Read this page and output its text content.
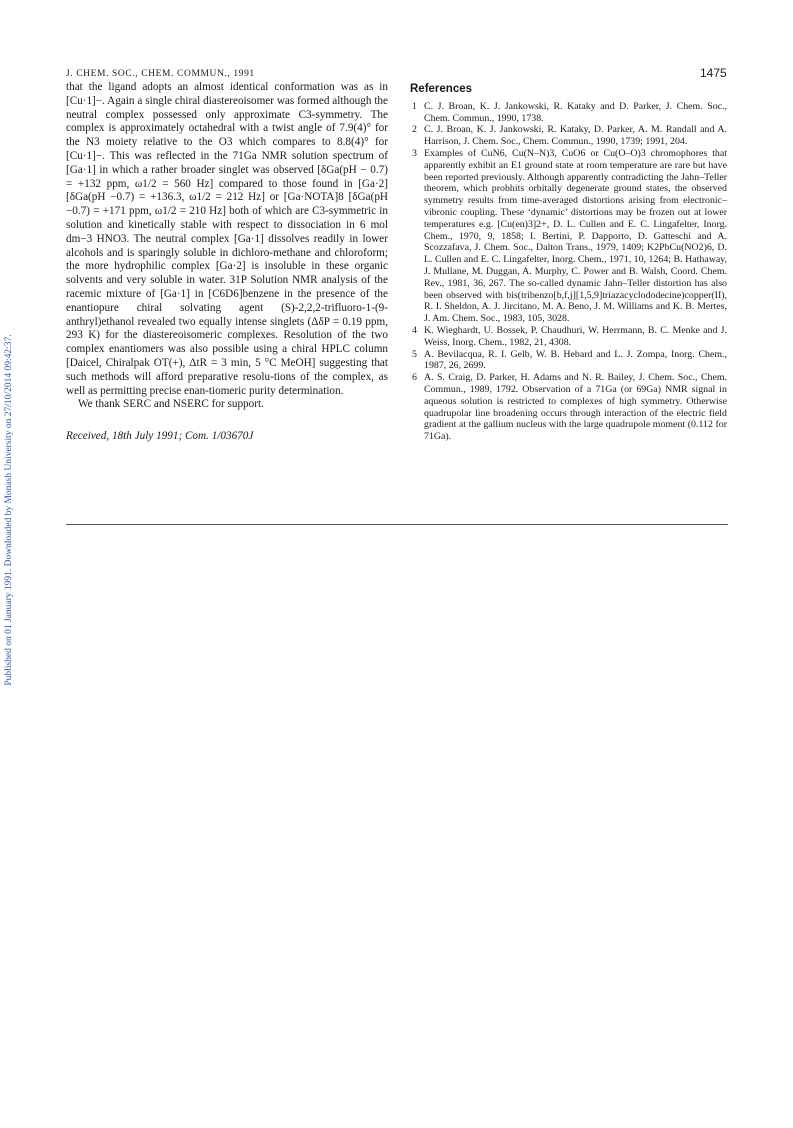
J. CHEM. SOC., CHEM. COMMUN., 1991	1475
Published on 01 January 1991. Downloaded by Monash University on 27/10/2014 09:42:37.

that the ligand adopts an almost identical conformation was as in [Cu·1]−. Again a single chiral diastereoisomer was formed although the neutral complex possessed only approximate C3-symmetry. The complex is approximately octahedral with a twist angle of 7.9(4)° for the N3 moiety relative to the O3 which compares to 8.8(4)° for [Cu·1]−. This was reflected in the 71Ga NMR solution spectrum of [Ga·1] in which a rather broader singlet was observed [δGa(pH − 0.7) = +132 ppm, ω1/2 = 560 Hz] compared to those found in [Ga·2] [δGa(pH −0.7) = +136.3, ω1/2 = 212 Hz] or [Ga·NOTA]8 [δGa(pH −0.7) = +171 ppm, ω1/2 = 210 Hz] both of which are C3-symmetric in solution and kinetically stable with respect to dissociation in 6 mol dm−3 HNO3. The neutral complex [Ga·1] dissolves readily in lower alcohols and is sparingly soluble in dichloro-methane and chloroform; the more hydrophilic complex [Ga·2] is insoluble in these organic solvents and very soluble in water. 31P Solution NMR analysis of the racemic mixture of [Ga·1] in [C6D6]benzene in the presence of the enantiopure chiral solvating agent (S)-2,2,2-trifluoro-1-(9-anthryl)ethanol revealed two equally intense singlets (ΔδP = 0.19 ppm, 293 K) for the diastereoisomeric complexes. Resolution of the two complex enantiomers was also possible using a chiral HPLC column [Daicel, Chiralpak OT(+), ΔtR = 3 min, 5 °C MeOH] suggesting that such methods will afford preparative resolu-tions of the complex, as well as permitting precise enan-tiomeric purity determination.

We thank SERC and NSERC for support.

Received, 18th July 1991; Com. 1/03670J

References
1 C. J. Broan, K. J. Jankowski, R. Kataky and D. Parker, J. Chem. Soc., Chem. Commun., 1990, 1738.
2 C. J. Broan, K. J. Jankowski, R. Kataky, D. Parker, A. M. Randall and A. Harrison, J. Chem. Soc., Chem. Commun., 1990, 1739; 1991, 204.
3 Examples of CuN6, Cu(N–N)3, CuO6 or Cu(O–O)3 chromophores that apparently exhibit an E1 ground state at room temperature are rare but have been reported previously. Although apparently contradicting the Jahn–Teller theorem, which probhits orbitally degenerate ground states, the observed symmetry results from time-averaged distortions arising from electronic–vibronic coupling. These ‘dynamic’ distortions may be frozen out at lower temperatures e.g. [Cu(en)3]2+, D. L. Cullen and E. C. Lingafelter, Inorg. Chem., 1970, 9, 1858; I. Bertini, P. Dapporto, D. Gatteschi and A. Scozzafava, J. Chem. Soc., Dalton Trans., 1979, 1409; K2PbCu(NO2)6, D. L. Cullen and E. C. Lingafelter, Inorg. Chem., 1971, 10, 1264; B. Hathaway, J. Mullane, M. Duggan, A. Murphy, C. Power and B. Walsh, Coord. Chem. Rev., 1981, 36, 267. The so-called dynamic Jahn–Teller distortion has also been observed with bis(tribenzo[b,f,j][1,5,9]triazacyclododecine)copper(II), R. I. Sheldon, A. J. Jircitano, M. A. Beno, J. M. Williams and K. B. Mertes, J. Am. Chem. Soc., 1983, 105, 3028.
4 K. Wieghardt, U. Bossek, P. Chaudhuri, W. Herrmann, B. C. Menke and J. Weiss, Inorg. Chem., 1982, 21, 4308.
5 A. Bevilacqua, R. I. Gelb, W. B. Hebard and L. J. Zompa, Inorg. Chem., 1987, 26, 2699.
6 A. S. Craig, D. Parker, H. Adams and N. R. Bailey, J. Chem. Soc., Chem. Commun., 1989, 1792. Observation of a 71Ga (or 69Ga) NMR signal in aqueous solution is restricted to complexes of high symmetry. Otherwise quadrupolar line broadening occurs through interaction of the electric field gradient at the gallium nucleus with the large quadrupole moment (0.112 for 71Ga).
